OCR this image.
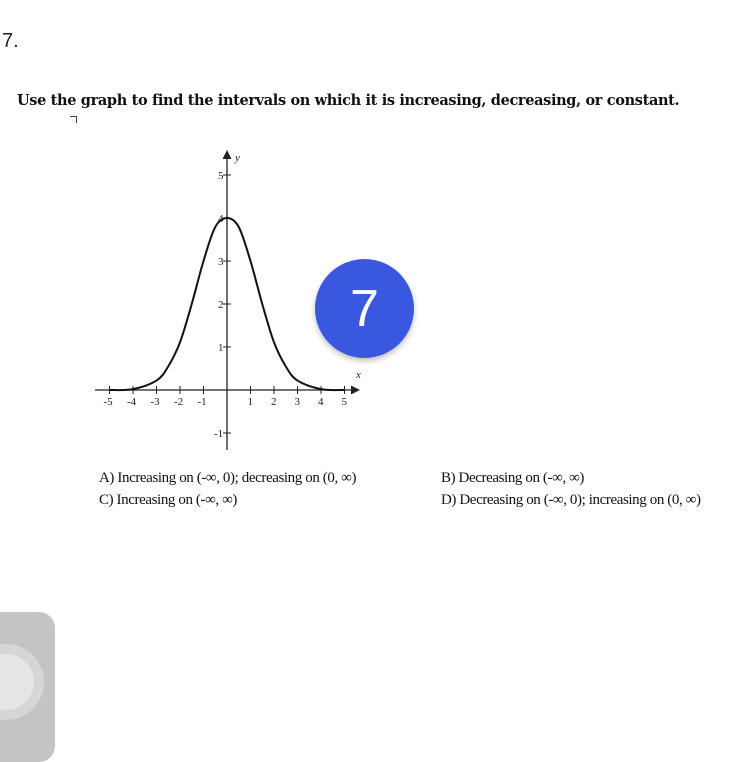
7.
Use the graph to find the intervals on which it is increasing, decreasing, or constant.
y
x
-5 -4 -3 -2 -1	1 2 3 4 5
5
4
3
2
1
-1
A) Increasing on (-∞, 0); decreasing on (0, ∞)
C) Increasing on (-∞, ∞)
B) Decreasing on (-∞, ∞)
D) Decreasing on (-∞, 0); increasing on (0, ∞)
7
